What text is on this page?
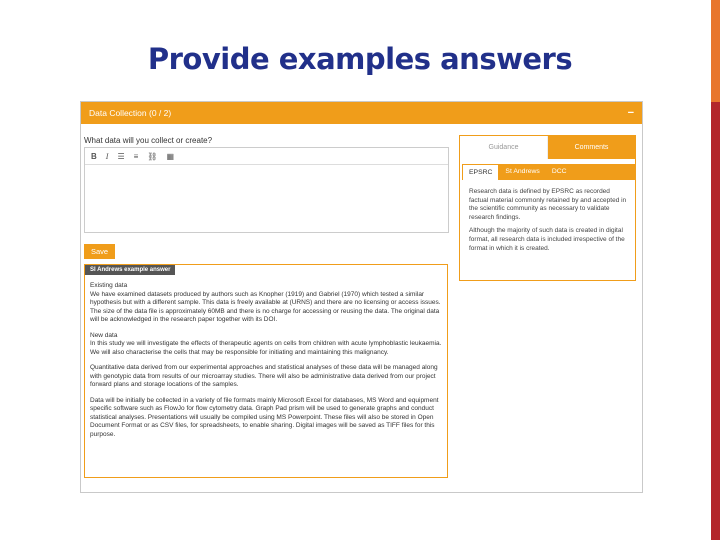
Provide examples answers
Data Collection (0 / 2)	−
What data will you collect or create?
B I ☰ ≡ ⛓ ▦
Save
SI Andrews example answer

Existing data
We have examined datasets produced by authors such as Knopher (1919) and Gabriel (1970) which tested a similar hypothesis but with a different sample. This data is freely available at (URNS) and there are no licensing or access issues. The size of the data file is approximately 60MB and there is no charge for accessing or reusing the data. The original data will be acknowledged in the research paper together with its DOI.

New data
In this study we will investigate the effects of therapeutic agents on cells from children with acute lymphoblastic leukaemia. We will also characterise the cells that may be responsible for initiating and maintaining this malignancy.

Quantitative data derived from our experimental approaches and statistical analyses of these data will be managed along with genotypic data from results of our microarray studies. There will also be administrative data derived from our project forward plans and storage locations of the samples.

Data will be initially be collected in a variety of file formats mainly Microsoft Excel for databases, MS Word and equipment specific software such as FlowJo for flow cytometry data. Graph Pad prism will be used to generate graphs and conduct statistical analyses. Presentations will usually be compiled using MS Powerpoint. These files will also be stored in Open Document Format or as CSV files, for spreadsheets, to enable sharing. Digital images will be saved as TIFF files for this purpose.

Guidance	Comments
EPSRC	St Andrews	DCC

Research data is defined by EPSRC as recorded factual material commonly retained by and accepted in the scientific community as necessary to validate research findings.

Although the majority of such data is created in digital format, all research data is included irrespective of the format in which it is created.
